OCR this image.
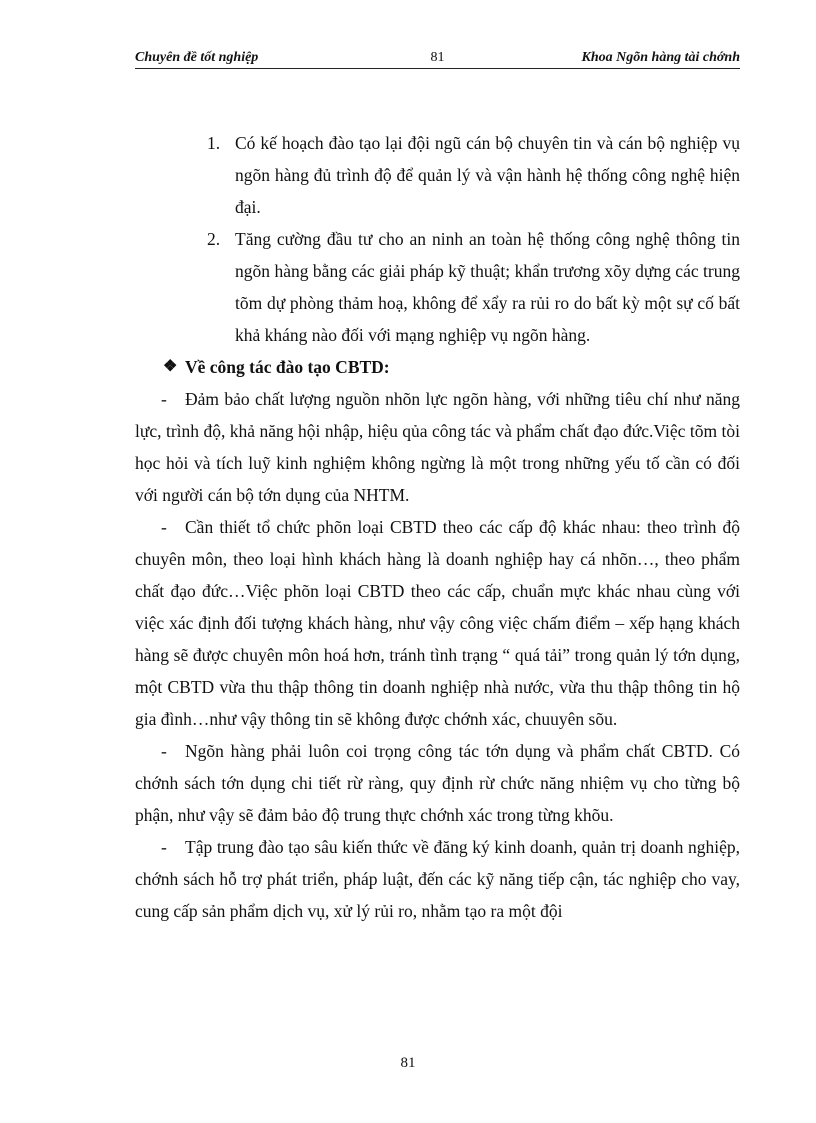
Chuyên đề tốt nghiệp	81	Khoa Ngõn hàng tài chớnh
1. Có kế hoạch đào tạo lại đội ngũ cán bộ chuyên tin và cán bộ nghiệp vụ ngõn hàng đủ trình độ để quản lý và vận hành hệ thống công nghệ hiện đại.
2. Tăng cường đầu tư cho an ninh an toàn hệ thống công nghệ thông tin ngõn hàng bằng các giải pháp kỹ thuật; khẩn trương xõy dựng các trung tõm dự phòng thảm hoạ, không để xẩy ra rủi ro do bất kỳ một sự cố bất khả kháng nào đối với mạng nghiệp vụ ngõn hàng.
❖ Về công tác đào tạo CBTD:
- Đảm bảo chất lượng nguồn nhõn lực ngõn hàng, với những tiêu chí như năng lực, trình độ, khả năng hội nhập, hiệu qủa công tác và phẩm chất đạo đức.Việc tõm tòi học hỏi và tích luỹ kinh nghiệm không ngừng là một trong những yếu tố cần có đối với người cán bộ tớn dụng của NHTM.
- Cần thiết tổ chức phõn loại CBTD theo các cấp độ khác nhau: theo trình độ chuyên môn, theo loại hình khách hàng là doanh nghiệp hay cá nhõn…, theo phẩm chất đạo đức…Việc phõn loại CBTD theo các cấp, chuẩn mực khác nhau cùng với việc xác định đối tượng khách hàng, như vậy công việc chấm điểm – xếp hạng khách hàng sẽ được chuyên môn hoá hơn, tránh tình trạng “ quá tải” trong quản lý tớn dụng, một CBTD vừa thu thập thông tin doanh nghiệp nhà nước, vừa thu thập thông tin hộ gia đình…như vậy thông tin sẽ không được chớnh xác, chuuyên sõu.
- Ngõn hàng phải luôn coi trọng công tác tớn dụng và phẩm chất CBTD. Có chớnh sách tớn dụng chi tiết rừ ràng, quy định rừ chức năng nhiệm vụ cho từng bộ phận, như vậy sẽ đảm bảo độ trung thực chớnh xác trong từng khõu.
- Tập trung đào tạo sâu kiến thức về đăng ký kinh doanh, quản trị doanh nghiệp, chớnh sách hỗ trợ phát triển, pháp luật, đến các kỹ năng tiếp cận, tác nghiệp cho vay, cung cấp sản phẩm dịch vụ, xử lý rủi ro, nhằm tạo ra một đội
81
